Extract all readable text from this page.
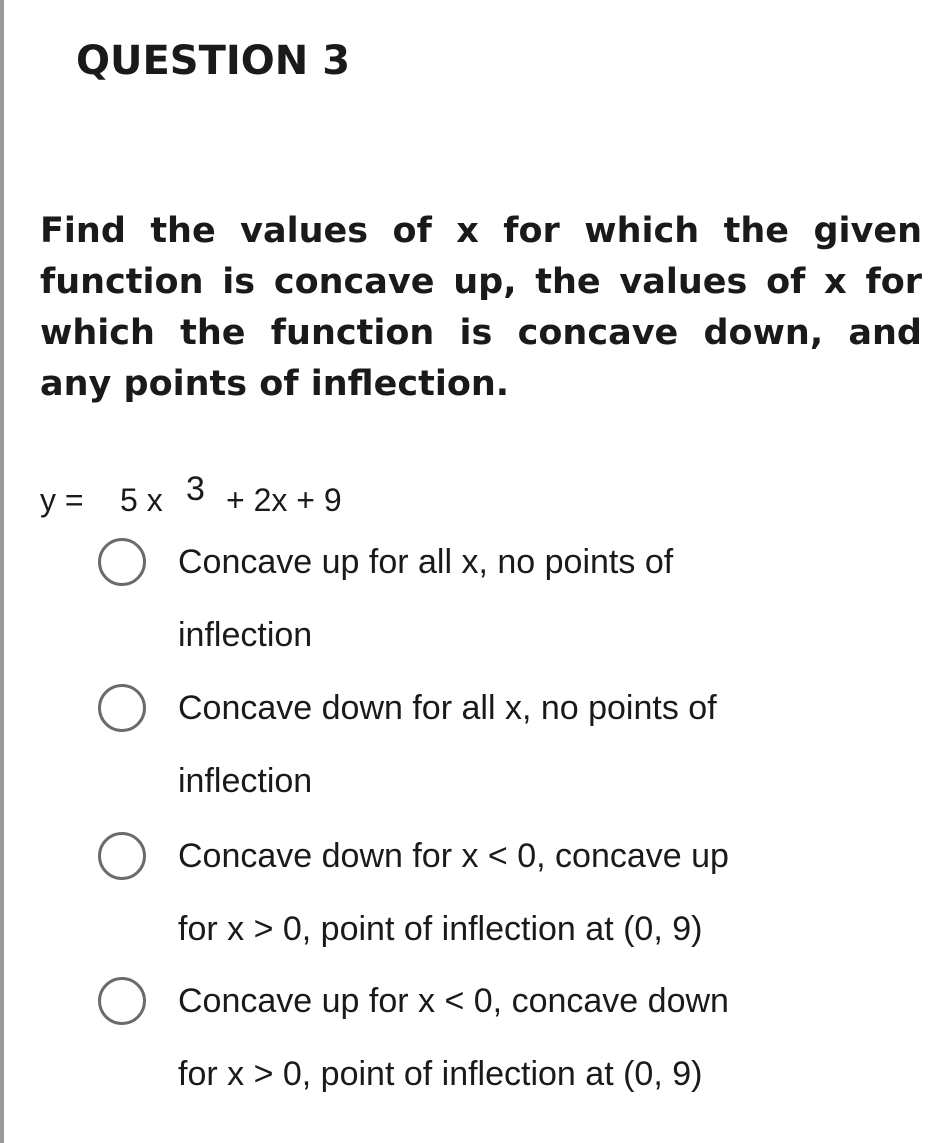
QUESTION 3
Find the values of x for which the given function is concave up, the values of x for which the function is concave down, and any points of inflection.
y = 5 x 3 + 2x + 9
Concave up for all x, no points of
inflection
Concave down for all x, no points of
inflection
Concave down for x < 0, concave up
for x > 0, point of inflection at (0, 9)
Concave up for x < 0, concave down
for x > 0, point of inflection at (0, 9)
